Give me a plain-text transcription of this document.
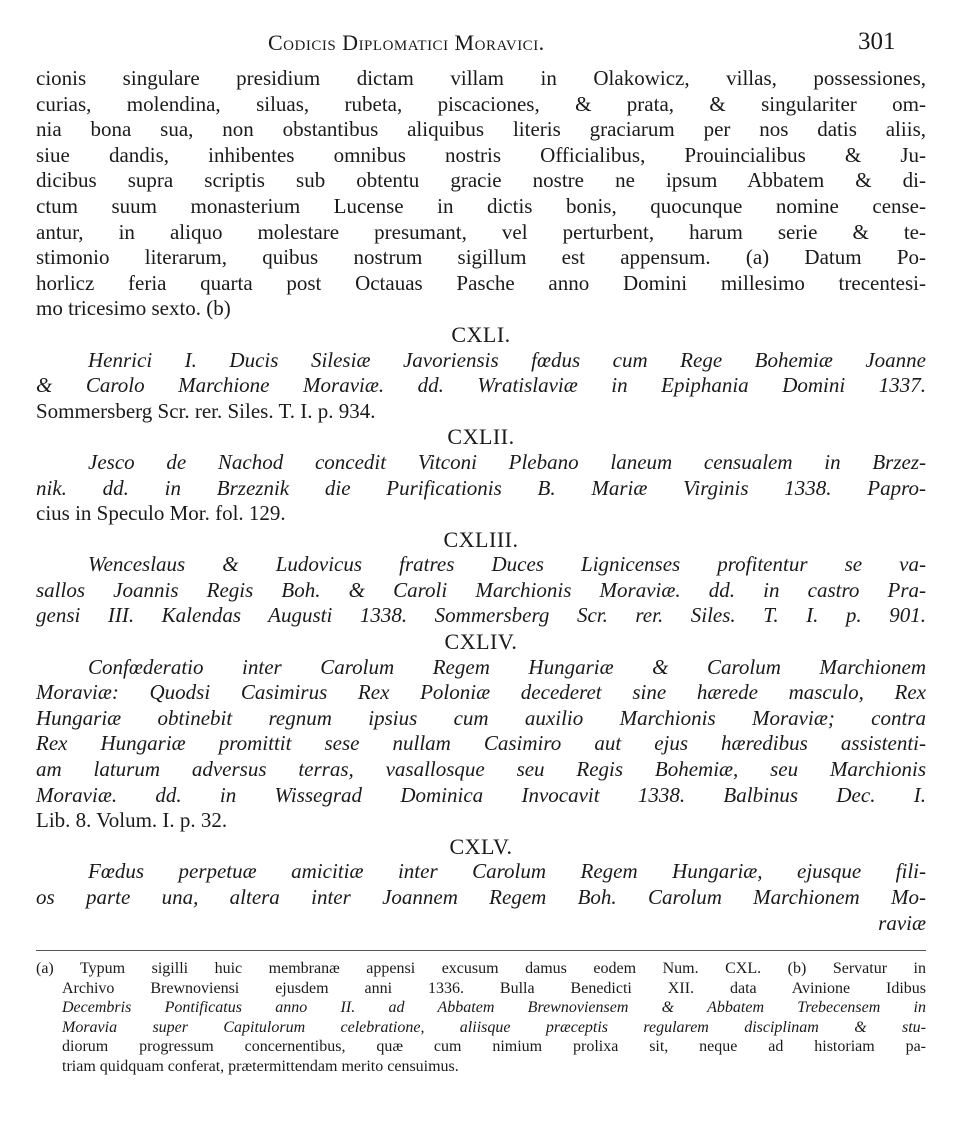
Codicis Diplomatici Moravici.	301
cionis singulare presidium dictam villam in Olakowicz, villas, possessiones,
curias, molendina, siluas, rubeta, piscaciones, & prata, & singulariter om-
nia bona sua, non obstantibus aliquibus literis graciarum per nos datis aliis,
siue dandis, inhibentes omnibus nostris Officialibus, Prouincialibus & Ju-
dicibus supra scriptis sub obtentu gracie nostre ne ipsum Abbatem & di-
ctum suum monasterium Lucense in dictis bonis, quocunque nomine cense-
antur, in aliquo molestare presumant, vel perturbent, harum serie & te-
stimonio literarum, quibus nostrum sigillum est appensum. (a) Datum Po-
horlicz feria quarta post Octauas Pasche anno Domini millesimo trecentesi-
mo tricesimo sexto. (b)
CXLI.
Henrici I. Ducis Silesiæ Javoriensis fœdus cum Rege Bohemiæ Joanne
& Carolo Marchione Moraviæ. dd. Wratislaviæ in Epiphania Domini 1337.
Sommersberg Scr. rer. Siles. T. I. p. 934.
CXLII.
Jesco de Nachod concedit Vitconi Plebano laneum censualem in Brzez-
nik. dd. in Brzeznik die Purificationis B. Mariæ Virginis 1338. Papro-
cius in Speculo Mor. fol. 129.
CXLIII.
Wenceslaus & Ludovicus fratres Duces Lignicenses profitentur se va-
sallos Joannis Regis Boh. & Caroli Marchionis Moraviæ. dd. in castro Pra-
gensi III. Kalendas Augusti 1338. Sommersberg Scr. rer. Siles. T. I. p. 901.
CXLIV.
Confœderatio inter Carolum Regem Hungariæ & Carolum Marchionem
Moraviæ: Quodsi Casimirus Rex Poloniæ decederet sine hærede masculo, Rex
Hungariæ obtinebit regnum ipsius cum auxilio Marchionis Moraviæ; contra
Rex Hungariæ promittit sese nullam Casimiro aut ejus hæredibus assistenti-
am laturum adversus terras, vasallosque seu Regis Bohemiæ, seu Marchionis
Moraviæ. dd. in Wissegrad Dominica Invocavit 1338. Balbinus Dec. I.
Lib. 8. Volum. I. p. 32.
CXLV.
Fœdus perpetuæ amicitiæ inter Carolum Regem Hungariæ, ejusque fili-
os parte una, altera inter Joannem Regem Boh. Carolum Marchionem Mo-
raviæ
(a) Typum sigilli huic membranæ appensi excusum damus eodem Num. CXL. (b) Servatur in
Archivo Brewnoviensi ejusdem anni 1336. Bulla Benedicti XII. data Avinione Idibus
Decembris Pontificatus anno II. ad Abbatem Brewnoviensem & Abbatem Trebecensem in
Moravia super Capitulorum celebratione, aliisque præceptis regularem disciplinam & stu-
diorum progressum concernentibus, quæ cum nimium prolixa sit, neque ad historiam pa-
triam quidquam conferat, prætermittendam merito censuimus.
